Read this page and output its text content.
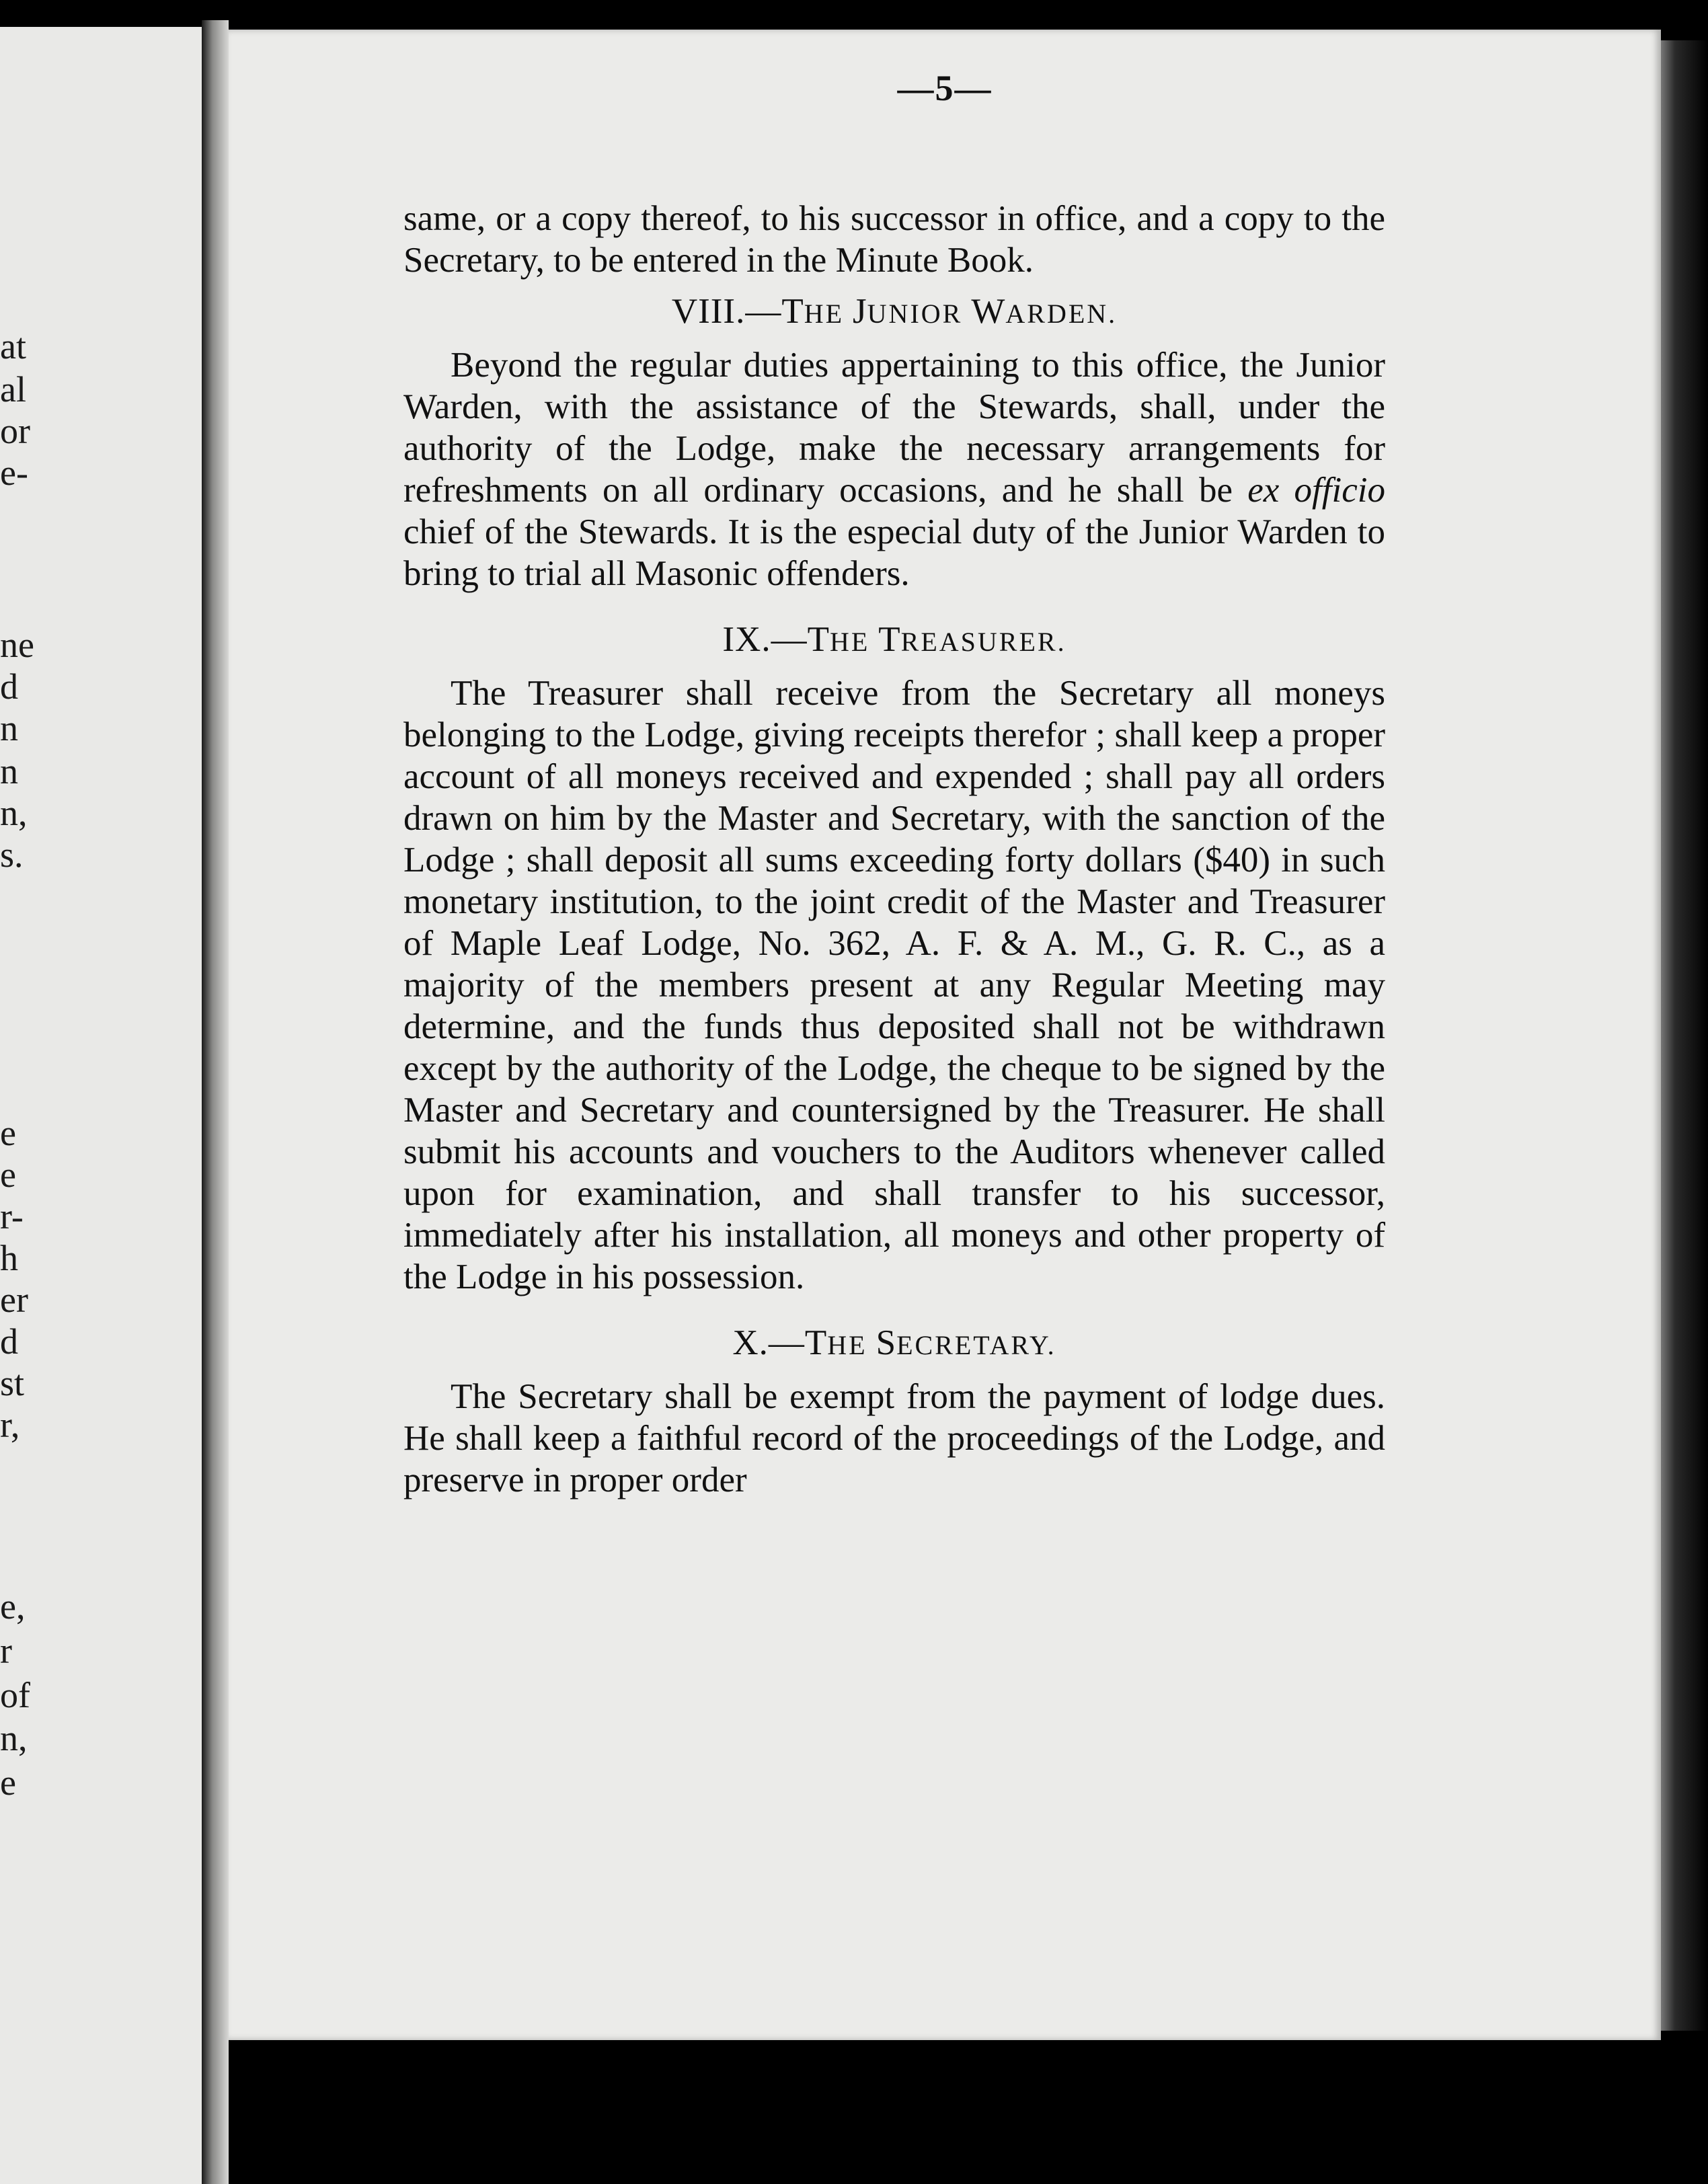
at
al
or
e-
ne
d
n
n
n,
s.
e
e
r-
h
er
d
st
r,
e,
r
of
n,
e
—5—

same, or a copy thereof, to his successor in office, and a copy to the Secretary, to be entered in the Minute Book.

VIII.—THE JUNIOR WARDEN.

Beyond the regular duties appertaining to this office, the Junior Warden, with the assistance of the Stewards, shall, under the authority of the Lodge, make the necessary arrangements for refreshments on all ordinary occasions, and he shall be ex officio chief of the Stewards. It is the especial duty of the Junior Warden to bring to trial all Masonic offenders.

IX.—THE TREASURER.

The Treasurer shall receive from the Secretary all moneys belonging to the Lodge, giving receipts therefor ; shall keep a proper account of all moneys received and expended ; shall pay all orders drawn on him by the Master and Secretary, with the sanction of the Lodge ; shall deposit all sums exceeding forty dollars ($40) in such monetary institution, to the joint credit of the Master and Treasurer of Maple Leaf Lodge, No. 362, A. F. & A. M., G. R. C., as a majority of the members present at any Regular Meeting may determine, and the funds thus deposited shall not be withdrawn except by the authority of the Lodge, the cheque to be signed by the Master and Secretary and countersigned by the Treasurer. He shall submit his accounts and vouchers to the Auditors whenever called upon for examination, and shall transfer to his successor, immediately after his installation, all moneys and other property of the Lodge in his possession.

X.—THE SECRETARY.

The Secretary shall be exempt from the payment of lodge dues. He shall keep a faithful record of the proceedings of the Lodge, and preserve in proper order
